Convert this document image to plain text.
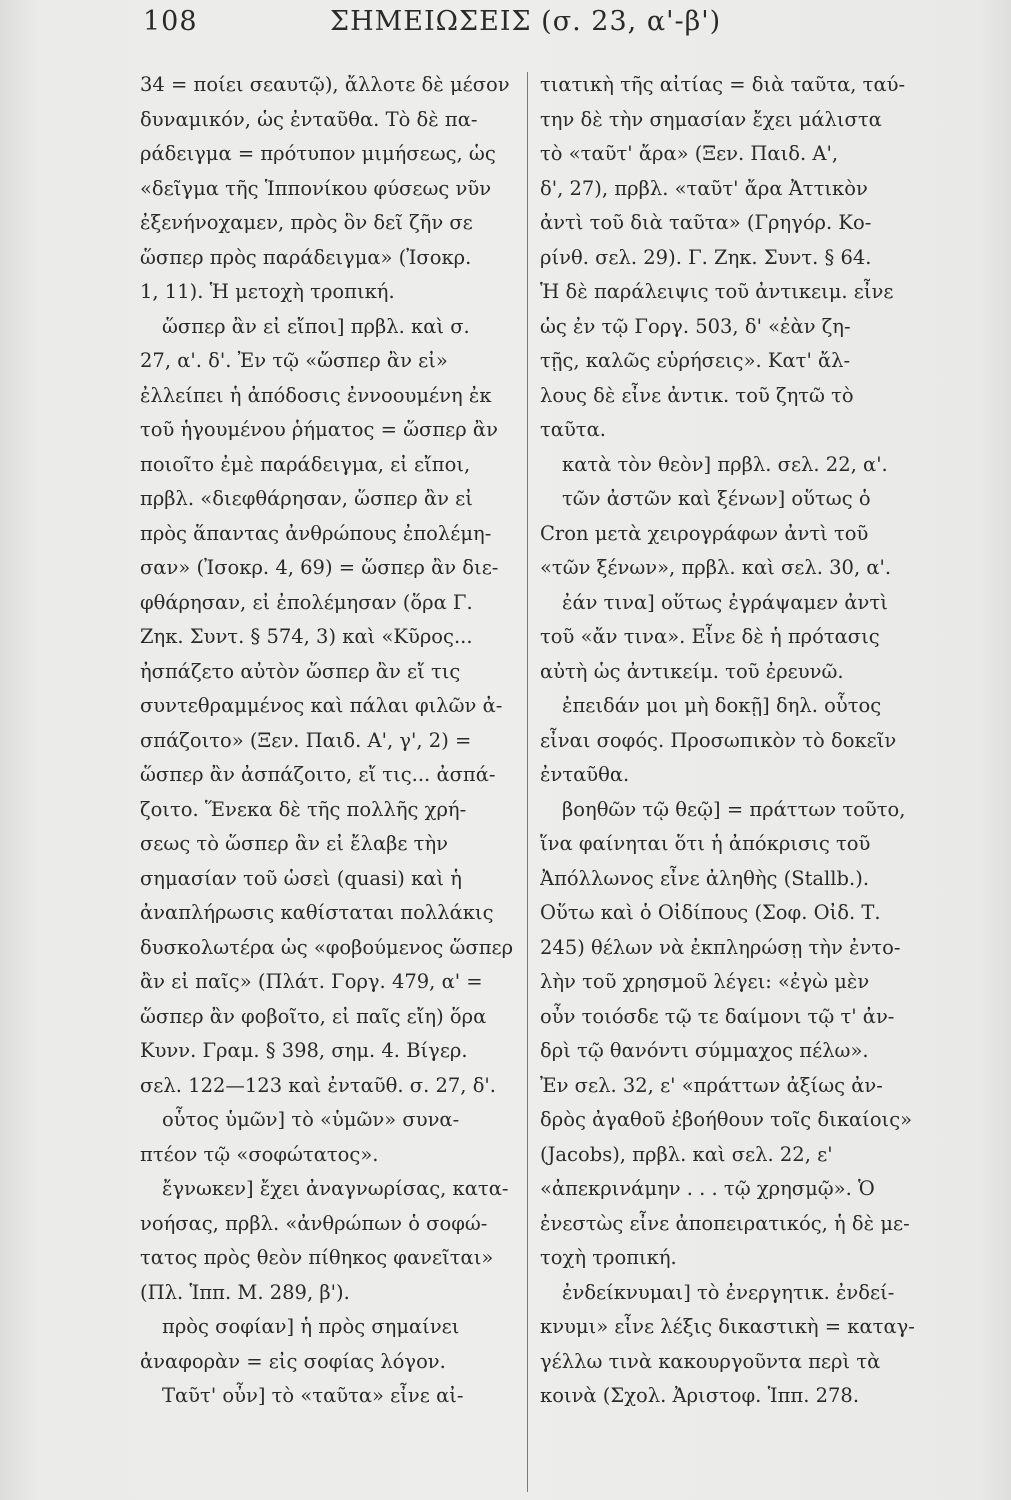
108	ΣΗΜΕΙΩΣΕΙΣ (σ. 23, α'-β')
34 = ποίει σεαυτῷ), ἄλλοτε δὲ μέσον
δυναμικόν, ὡς ἐνταῦθα. Τὸ δὲ πα-
ράδειγμα = πρότυπον μιμήσεως, ὡς
«δεῖγμα τῆς Ἱππονίκου φύσεως νῦν
ἐξενήνοχαμεν, πρὸς ὃν δεῖ ζῆν σε
ὥσπερ πρὸς παράδειγμα» (Ἰσοκρ.
1, 11). Ἡ μετοχὴ τροπική.
ὥσπερ ἂν εἰ εἴποι] πρβλ. καὶ σ.
27, α'. δ'. Ἐν τῷ «ὥσπερ ἂν εἰ»
ἐλλείπει ἡ ἀπόδοσις ἐννοουμένη ἐκ
τοῦ ἡγουμένου ῥήματος = ὥσπερ ἂν
ποιοῖτο ἐμὲ παράδειγμα, εἰ εἴποι,
πρβλ. «διεφθάρησαν, ὥσπερ ἂν εἰ
πρὸς ἅπαντας ἀνθρώπους ἐπολέμη-
σαν» (Ἰσοκρ. 4, 69) = ὥσπερ ἂν διε-
φθάρησαν, εἰ ἐπολέμησαν (ὅρα Γ.
Ζηκ. Συντ. § 574, 3) καὶ «Κῦρος...
ἠσπάζετο αὐτὸν ὥσπερ ἂν εἴ τις
συντεθραμμένος καὶ πάλαι φιλῶν ἀ-
σπάζοιτο» (Ξεν. Παιδ. Α', γ', 2) =
ὥσπερ ἂν ἀσπάζοιτο, εἴ τις... ἀσπά-
ζοιτο. Ἕνεκα δὲ τῆς πολλῆς χρή-
σεως τὸ ὥσπερ ἂν εἰ ἔλαβε τὴν
σημασίαν τοῦ ὡσεὶ (quasi) καὶ ἡ
ἀναπλήρωσις καθίσταται πολλάκις
δυσκολωτέρα ὡς «φοβούμενος ὥσπερ
ἂν εἰ παῖς» (Πλάτ. Γοργ. 479, α' =
ὥσπερ ἂν φοβοῖτο, εἰ παῖς εἴη) ὅρα
Κυνν. Γραμ. § 398, σημ. 4. Βίγερ.
σελ. 122—123 καὶ ἐνταῦθ. σ. 27, δ'.
οὗτος ὑμῶν] τὸ «ὑμῶν» συνα-
πτέον τῷ «σοφώτατος».
ἔγνωκεν] ἔχει ἀναγνωρίσας, κατα-
νοήσας, πρβλ. «ἀνθρώπων ὁ σοφώ-
τατος πρὸς θεὸν πίθηκος φανεῖται»
(Πλ. Ἱππ. Μ. 289, β').
πρὸς σοφίαν] ἡ πρὸς σημαίνει
ἀναφορὰν = εἰς σοφίας λόγον.
Ταῦτ' οὖν] τὸ «ταῦτα» εἶνε αἰ-
τιατικὴ τῆς αἰτίας = διὰ ταῦτα, ταύ-
την δὲ τὴν σημασίαν ἔχει μάλιστα
τὸ «ταῦτ' ἄρα» (Ξεν. Παιδ. Α',
δ', 27), πρβλ. «ταῦτ' ἄρα Ἀττικὸν
ἀντὶ τοῦ διὰ ταῦτα» (Γρηγόρ. Κο-
ρίνθ. σελ. 29). Γ. Ζηκ. Συντ. § 64.
Ἡ δὲ παράλειψις τοῦ ἀντικειμ. εἶνε
ὡς ἐν τῷ Γοργ. 503, δ' «ἐὰν ζη-
τῇς, καλῶς εὑρήσεις». Κατ' ἄλ-
λους δὲ εἶνε ἀντικ. τοῦ ζητῶ τὸ
ταῦτα.
κατὰ τὸν θεὸν] πρβλ. σελ. 22, α'.
τῶν ἀστῶν καὶ ξένων] οὕτως ὁ
Cron μετὰ χειρογράφων ἀντὶ τοῦ
«τῶν ξένων», πρβλ. καὶ σελ. 30, α'.
ἐάν τινα] οὕτως ἐγράψαμεν ἀντὶ
τοῦ «ἄν τινα». Εἶνε δὲ ἡ πρότασις
αὐτὴ ὡς ἀντικείμ. τοῦ ἐρευνῶ.
ἐπειδάν μοι μὴ δοκῇ] δηλ. οὗτος
εἶναι σοφός. Προσωπικὸν τὸ δοκεῖν
ἐνταῦθα.
βοηθῶν τῷ θεῷ] = πράττων τοῦτο,
ἵνα φαίνηται ὅτι ἡ ἀπόκρισις τοῦ
Ἀπόλλωνος εἶνε ἀληθὴς (Stallb.).
Οὕτω καὶ ὁ Οἰδίπους (Σοφ. Οἰδ. Τ.
245) θέλων νὰ ἐκπληρώσῃ τὴν ἐντο-
λὴν τοῦ χρησμοῦ λέγει: «ἐγὼ μὲν
οὖν τοιόσδε τῷ τε δαίμονι τῷ τ' ἀν-
δρὶ τῷ θανόντι σύμμαχος πέλω».
Ἐν σελ. 32, ε' «πράττων ἀξίως ἀν-
δρὸς ἀγαθοῦ ἐβοήθουν τοῖς δικαίοις»
(Jacobs), πρβλ. καὶ σελ. 22, ε'
«ἀπεκρινάμην . . . τῷ χρησμῷ». Ὁ
ἐνεστὼς εἶνε ἀποπειρατικός, ἡ δὲ με-
τοχὴ τροπική.
ἐνδείκνυμαι] τὸ ἐνεργητικ. ἐνδεί-
κνυμι» εἶνε λέξις δικαστικὴ = καταγ-
γέλλω τινὰ κακουργοῦντα περὶ τὰ
κοινὰ (Σχολ. Ἀριστοφ. Ἱππ. 278.
